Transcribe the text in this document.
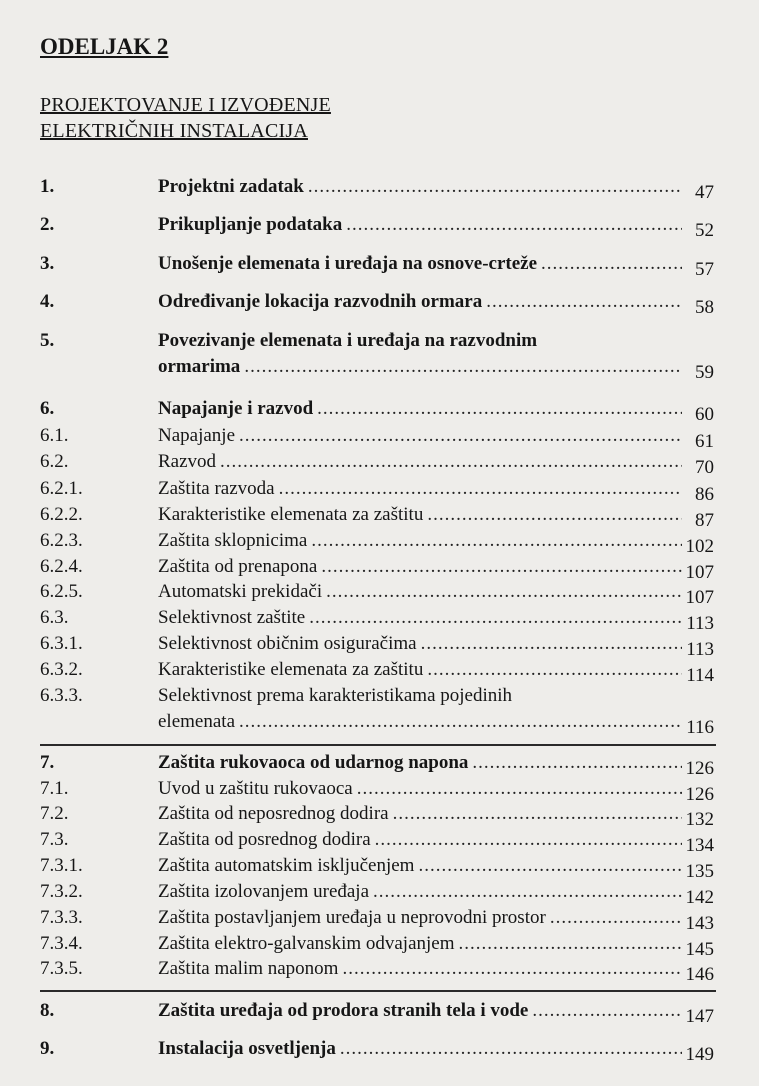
ODELJAK 2
PROJEKTOVANJE I IZVOĐENJE
ELEKTRIČNIH INSTALACIJA
1.	Projektni zadatak .....	47
2.	Prikupljanje podataka .....	52
3.	Unošenje elemenata i uređaja na osnove-crteže .....	57
4.	Određivanje lokacija razvodnih ormara .....	58
5.	Povezivanje elemenata i uređaja na razvodnim
ormarima .....	59
6.	Napajanje i razvod .....	60
6.1.	Napajanje .....	61
6.2.	Razvod .....	70
6.2.1.	Zaštita razvoda .....	86
6.2.2.	Karakteristike elemenata za zaštitu .....	87
6.2.3.	Zaštita sklopnicima .....	102
6.2.4.	Zaštita od prenapona .....	107
6.2.5.	Automatski prekidači .....	107
6.3.	Selektivnost zaštite .....	113
6.3.1.	Selektivnost običnim osiguračima .....	113
6.3.2.	Karakteristike elemenata za zaštitu .....	114
6.3.3.	Selektivnost prema karakteristikama pojedinih
elemenata .....	116
7.	Zaštita rukovaoca od udarnog napona .....	126
7.1.	Uvod u zaštitu rukovaoca .....	126
7.2.	Zaštita od neposrednog dodira .....	132
7.3.	Zaštita od posrednog dodira .....	134
7.3.1.	Zaštita automatskim isključenjem .....	135
7.3.2.	Zaštita izolovanjem uređaja .....	142
7.3.3.	Zaštita postavljanjem uređaja u neprovodni prostor .....	143
7.3.4.	Zaštita elektro-galvanskim odvajanjem .....	145
7.3.5.	Zaštita malim naponom .....	146
8.	Zaštita uređaja od prodora stranih tela i vode .....	147
9.	Instalacija osvetljenja .....	149
